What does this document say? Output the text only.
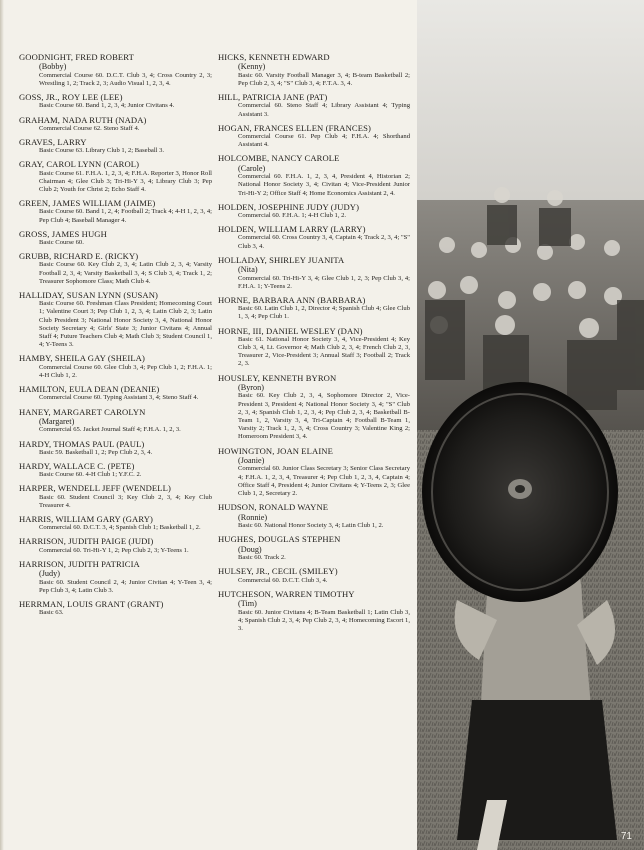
GOODNIGHT, FRED ROBERT
(Bobby)
Commercial Course 60. D.C.T. Club 3, 4; Cross Country 2, 3; Wrestling 1, 2; Track 2, 3; Audio Visual 1, 2, 3, 4.
GOSS, JR., ROY LEE (LEE)
Basic Course 60. Band 1, 2, 3, 4; Junior Civitans 4.
GRAHAM, NADA RUTH (NADA)
Commercial Course 62. Steno Staff 4.
GRAVES, LARRY
Basic Course 63. Library Club 1, 2; Baseball 3.
GRAY, CAROL LYNN (CAROL)
Basic Course 61. F.H.A. 1, 2, 3, 4; F.H.A. Reporter 3, Honor Roll Chairman 4; Glee Club 3; Tri-Hi-Y 3, 4; Library Club 3; Pep Club 2; Youth for Christ 2; Echo Staff 4.
GREEN, JAMES WILLIAM (JAIME)
Basic Course 60. Band 1, 2, 4; Football 2; Track 4; 4-H 1, 2, 3, 4; Pep Club 4; Baseball Manager 4.
GROSS, JAMES HUGH
Basic Course 60.
GRUBB, RICHARD E. (RICKY)
Basic Course 60. Key Club 2, 3, 4; Latin Club 2, 3, 4; Varsity Football 2, 3, 4; Varsity Basketball 3, 4; S Club 3, 4; Track 1, 2; Treasurer Sophomore Class; Math Club 4.
HALLIDAY, SUSAN LYNN (SUSAN)
Basic Course 60. Freshman Class President; Homecoming Court 1; Valentine Court 3; Pep Club 1, 2, 3, 4; Latin Club 2, 3; Latin Club President 3; National Honor Society 3, 4, National Honor Society Secretary 4; Girls' State 3; Junior Civitans 4; Annual Staff 4; Future Teachers Club 4; Math Club 3; Student Council 1, 4; Y-Teens 3.
HAMBY, SHEILA GAY (SHEILA)
Commercial Course 60. Glee Club 3, 4; Pep Club 1, 2; F.H.A. 1; 4-H Club 1, 2.
HAMILTON, EULA DEAN (DEANIE)
Commercial Course 60. Typing Assistant 3, 4; Steno Staff 4.
HANEY, MARGARET CAROLYN
(Margaret)
Commercial 65. Jacket Journal Staff 4; F.H.A. 1, 2, 3.
HARDY, THOMAS PAUL (PAUL)
Basic 59. Basketball 1, 2; Pep Club 2, 3, 4.
HARDY, WALLACE C. (PETE)
Basic Course 60. 4-H Club 1; Y.F.C. 2.
HARPER, WENDELL JEFF (WENDELL)
Basic 60. Student Council 3; Key Club 2, 3, 4; Key Club Treasurer 4.
HARRIS, WILLIAM GARY (GARY)
Commercial 60. D.C.T. 3, 4; Spanish Club 1; Basketball 1, 2.
HARRISON, JUDITH PAIGE (JUDI)
Commercial 60. Tri-Hi-Y 1, 2; Pep Club 2, 3; Y-Teens 1.
HARRISON, JUDITH PATRICIA
(Judy)
Basic 60. Student Council 2, 4; Junior Civitan 4; Y-Teen 3, 4; Pep Club 3, 4; Latin Club 3.
HERRMAN, LOUIS GRANT (GRANT)
Basic 63.
HICKS, KENNETH EDWARD
(Kenny)
Basic 60. Varsity Football Manager 3, 4; B-team Basketball 2; Pep Club 2, 3, 4; "S" Club 3, 4; F.T.A. 3, 4.
HILL, PATRICIA JANE (PAT)
Commercial 60. Steno Staff 4; Library Assistant 4; Typing Assistant 3.
HOGAN, FRANCES ELLEN (FRANCES)
Commercial Course 61. Pep Club 4; F.H.A. 4; Shorthand Assistant 4.
HOLCOMBE, NANCY CAROLE
(Carole)
Commercial 60. F.H.A. 1, 2, 3, 4, President 4, Historian 2; National Honor Society 3, 4; Civitan 4; Vice-President Junior Tri-Hi-Y 2; Office Staff 4; Home Economics Assistant 2, 4.
HOLDEN, JOSEPHINE JUDY (JUDY)
Commercial 60. F.H.A. 1; 4-H Club 1, 2.
HOLDEN, WILLIAM LARRY (LARRY)
Commercial 60. Cross Country 3, 4, Captain 4; Track 2, 3, 4; "S" Club 3, 4.
HOLLADAY, SHIRLEY JUANITA
(Nita)
Commercial 60. Tri-Hi-Y 3, 4; Glee Club 1, 2, 3; Pep Club 3, 4; F.H.A. 1; Y-Teens 2.
HORNE, BARBARA ANN (BARBARA)
Basic 60. Latin Club 1, 2, Director 4; Spanish Club 4; Glee Club 1, 3, 4; Pep Club 1.
HORNE, III, DANIEL WESLEY (DAN)
Basic 61. National Honor Society 3, 4, Vice-President 4; Key Club 3, 4, Lt. Governor 4; Math Club 2, 3, 4; French Club 2, 3, Treasurer 2, Vice-President 3; Annual Staff 3; Football 2; Track 2, 3.
HOUSLEY, KENNETH BYRON
(Byron)
Basic 60. Key Club 2, 3, 4, Sophomore Director 2, Vice-President 3, President 4; National Honor Society 3, 4; "S" Club 2, 3, 4; Spanish Club 1, 2, 3, 4; Pep Club 2, 3, 4; Basketball B-Team 1, 2, Varsity 3, 4, Tri-Captain 4; Football B-Team 1, Varsity 2; Track 1, 2, 3, 4; Cross Country 3; Valentine King 2; Homeroom President 3, 4.
HOWINGTON, JOAN ELAINE
(Joanie)
Commercial 60. Junior Class Secretary 3; Senior Class Secretary 4; F.H.A. 1, 2, 3, 4, Treasurer 4; Pep Club 1, 2, 3, 4, Captain 4; Office Staff 4, President 4; Junior Civitans 4; Y-Teens 2, 3; Glee Club 1, 2, Secretary 2.
HUDSON, RONALD WAYNE
(Ronnie)
Basic 60. National Honor Society 3, 4; Latin Club 1, 2.
HUGHES, DOUGLAS STEPHEN
(Doug)
Basic 60. Track 2.
HULSEY, JR., CECIL (SMILEY)
Commercial 60. D.C.T. Club 3, 4.
HUTCHESON, WARREN TIMOTHY
(Tim)
Basic 60. Junior Civitans 4; B-Team Basketball 1; Latin Club 3, 4; Spanish Club 2, 3, 4; Pep Club 2, 3, 4; Homecoming Escort 1, 3.
71
